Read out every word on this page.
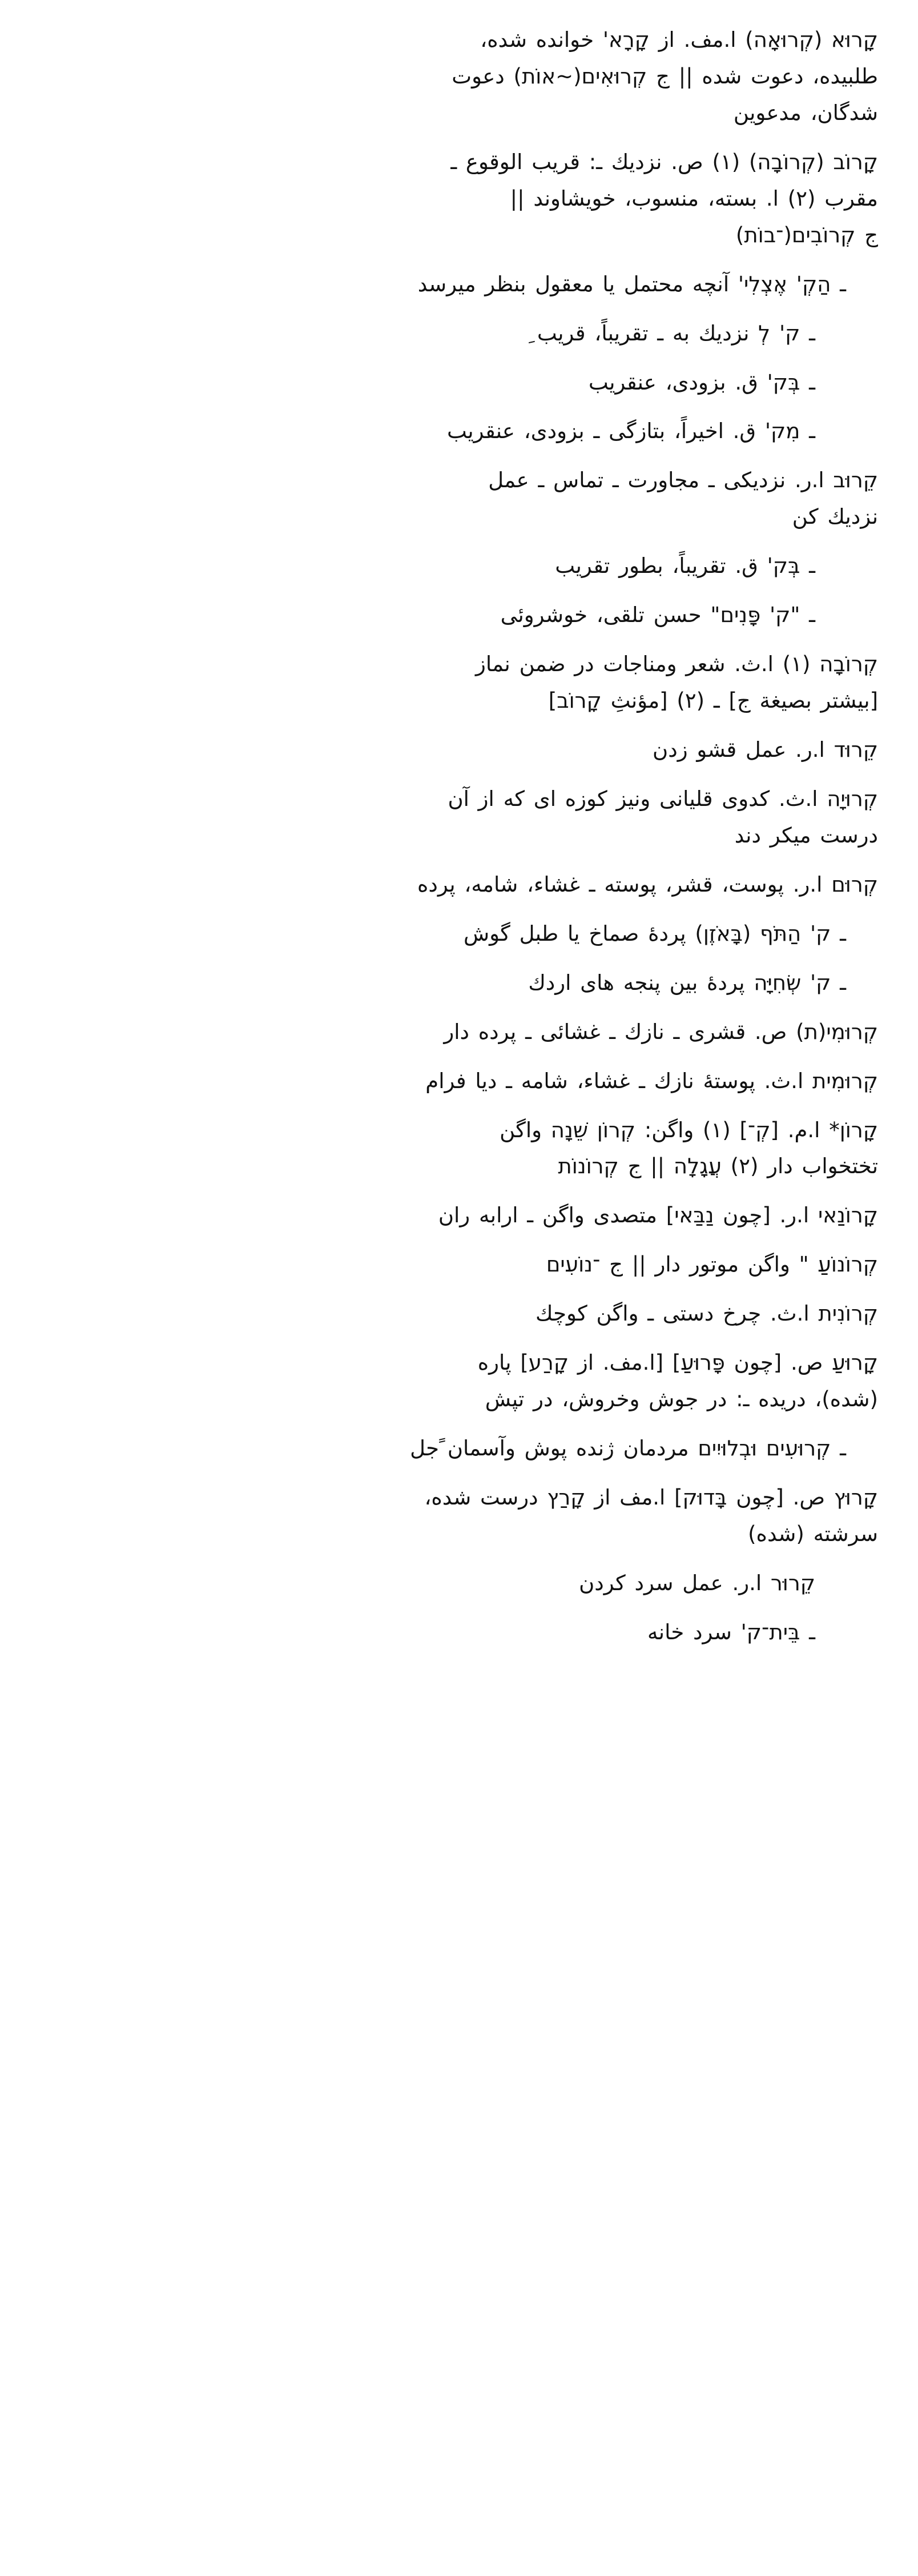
קָרוּא (קְרוּאָה) ا.مف. از קָרָא' خوانده شده،

طلبیده، دعوت شده || ج קְרוּאִים(~אוֹת) دعوت

شدگان، مدعوین

קָרוֹב (קְרוֹבָה) (۱) ص. نزدیك ـ: قریب الوقوع ـ

مقرب (۲) ا. بسته، منسوب، خویشاوند ||

ج קְרוֹבִים(־בוֹת)

ـ הַקְ' אֶצְלִי' آنچه محتمل یا معقول بنظر میرسد

ـ ק' לְ نزدیك به ـ تقریباً، قریب ِ

ـ בְּק' ق. بزودی، عنقریب

ـ מִק' ق. اخیراً، بتازگی ـ بزودی، عنقریب

קֵרוּב ا.ر. نزدیكی ـ مجاورت ـ تماس ـ عمل

نزدیك كن

ـ בְּק' ق. تقریباً، بطور تقریب

ـ "ק' פָּנִים" حسن تلقی، خوشروئی

קְרוֹבָה (۱) ا.ث. شعر ومناجات در ضمن نماز

[بیشتر بصیغة ج] ـ (۲) [مؤنثِ קָרוֹב]

קֵרוּד ا.ر. عمل قشو زدن

קְרוּיָה ا.ث. كدوی قلیانی ونیز كوزه ای كه از آن

درست میكر دند

קְרוּם ا.ر. پوست، قشر، پوسته ـ غشاء، شامه، پرده

ـ ק' הַתֹּף (בָּאֹזֶן) پردهٔ صماخ یا طبل گوش

ـ ק' שְׂחִיָּה پردهٔ بین پنجه های اردك

קְרוּמִי(ת) ص. قشری ـ نازك ـ غشائی ـ پرده دار

קְרוּמִית ا.ث. پوستهٔ نازك ـ غشاء، شامه ـ دیا فرام

קָרוֹן* ا.م. [קְ־] (۱) واگن: קְרוֹן שֵׁנָה واگن

تختخواب دار (۲) עֲגָלָה || ج קְרוֹנוֹת

קָרוֹנַאי ا.ر. [چون נַבַּאי] متصدی واگن ـ ارابه ران

קְרוֹנוֹעַ " واگن موتور دار || ج ־נוֹעִים

קְרוֹנִית ا.ث. چرخ دستی ـ واگن كوچك

קָרוּעַ ص. [چون פָּרוּעַ] [ا.مف. از קָרַע] پاره

(شده)، دریده ـ: در جوش وخروش، در تپش

ـ קְרוּעִים וּבְלוּיִים مردمان ژنده پوش وآسمان ًجل

קָרוּץ ص. [چون בָּדוּק] ا.مف از קָרַץ درست شده،

سرشته (شده)

קֵרוּר ا.ر. عمل سرد كردن

ـ בֵּית־ק' سرد خانه
